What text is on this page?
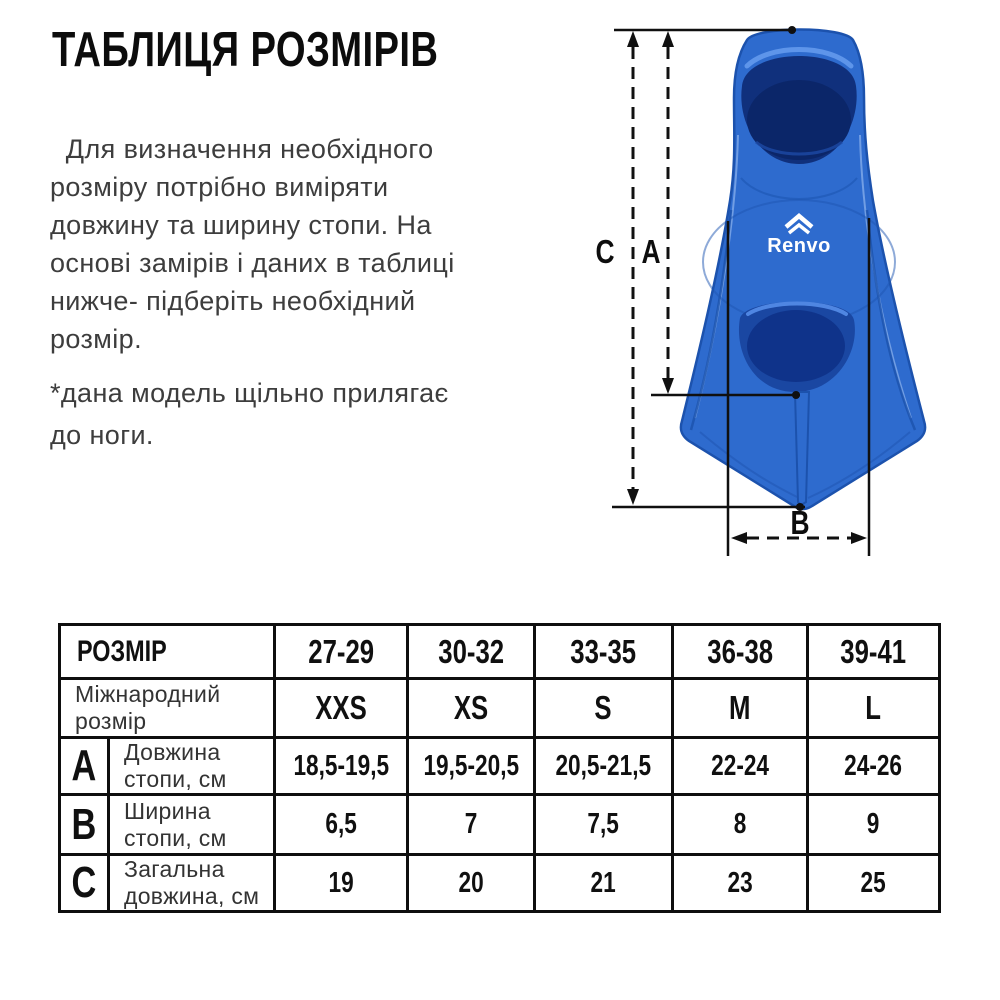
Renvo
C A
B
ТАБЛИЦЯ РОЗМІРІВ
Для визначення необхідного
розміру потрібно виміряти
довжину та ширину стопи. На
основі замірів і даних в таблиці
нижче- підберіть необхідний
розмір.
*дана модель щільно прилягає
до ноги.
РОЗМІР		27-29	30-32	33-35	36-38	39-41

Міжнародний розмір		XXS	XS	S	M	L
A	Довжина стопи, см	18,5-19,5	19,5-20,5	20,5-21,5	22-24	24-26
B	Ширина стопи, см	6,5	7	7,5	8	9
C	Загальна довжина, см	19	20	21	23	25
